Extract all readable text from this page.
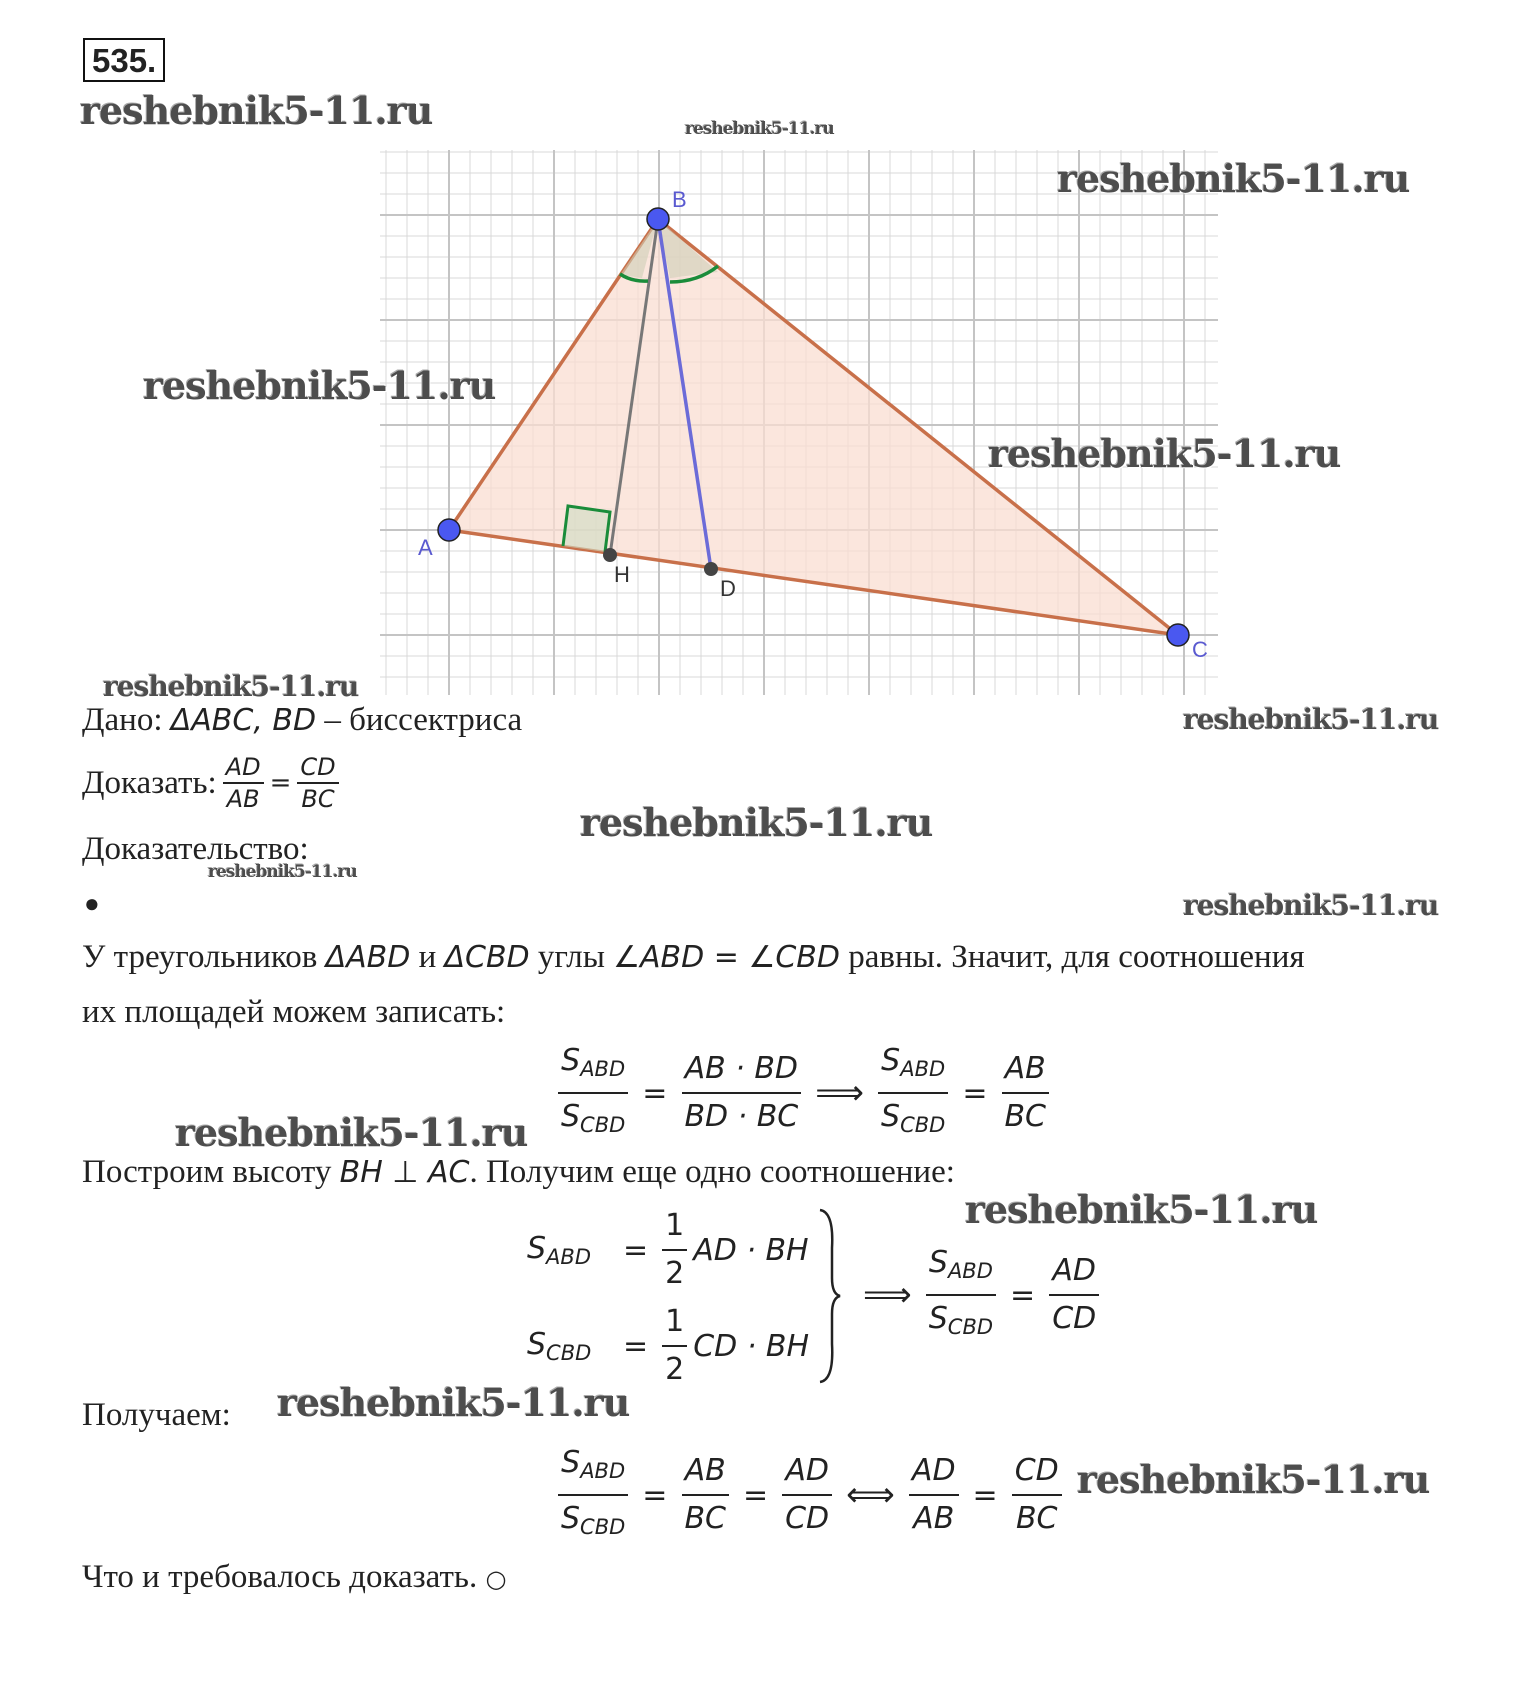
535.
A
B
C
H
D
reshebnik5-11.ru	reshebnik5-11.ru
reshebnik5-11.ru
reshebnik5-11.ru
reshebnik5-11.ru
reshebnik5-11.ru
reshebnik5-11.ru
reshebnik5-11.ru
reshebnik5-11.ru
reshebnik5-11.ru
reshebnik5-11.ru
reshebnik5-11.ru
reshebnik5-11.ru
reshebnik5-11.ru
Дано: ΔABC, BD – биссектриса
Доказать: $\frac{AD}{AB} = \frac{CD}{BC}$
Доказательство:
●
У треугольников ΔABD и ΔCBD углы ∠ABD = ∠CBD равны. Значит, для соотношения
их площадей можем записать:
$\frac{S_{ABD}}{S_{CBD}} = \frac{AB \cdot BD}{BD \cdot BC}$ ⟹ $\frac{S_{ABD}}{S_{CBD}} = \frac{AB}{BC}$
Построим высоту BH ⊥ AC. Получим еще одно соотношение:
$S_{ABD}$	= $\frac{1}{2}$ AD · BH
$S_{CBD}$	= $\frac{1}{2}$ CD · BH
⟹ $\frac{S_{ABD}}{S_{CBD}} = \frac{AD}{CD}$
Получаем:
$\frac{S_{ABD}}{S_{CBD}} = \frac{AB}{BC} = \frac{AD}{CD}$ ⟺ $\frac{AD}{AB} = \frac{CD}{BC}$
Что и требовалось доказать. ○
